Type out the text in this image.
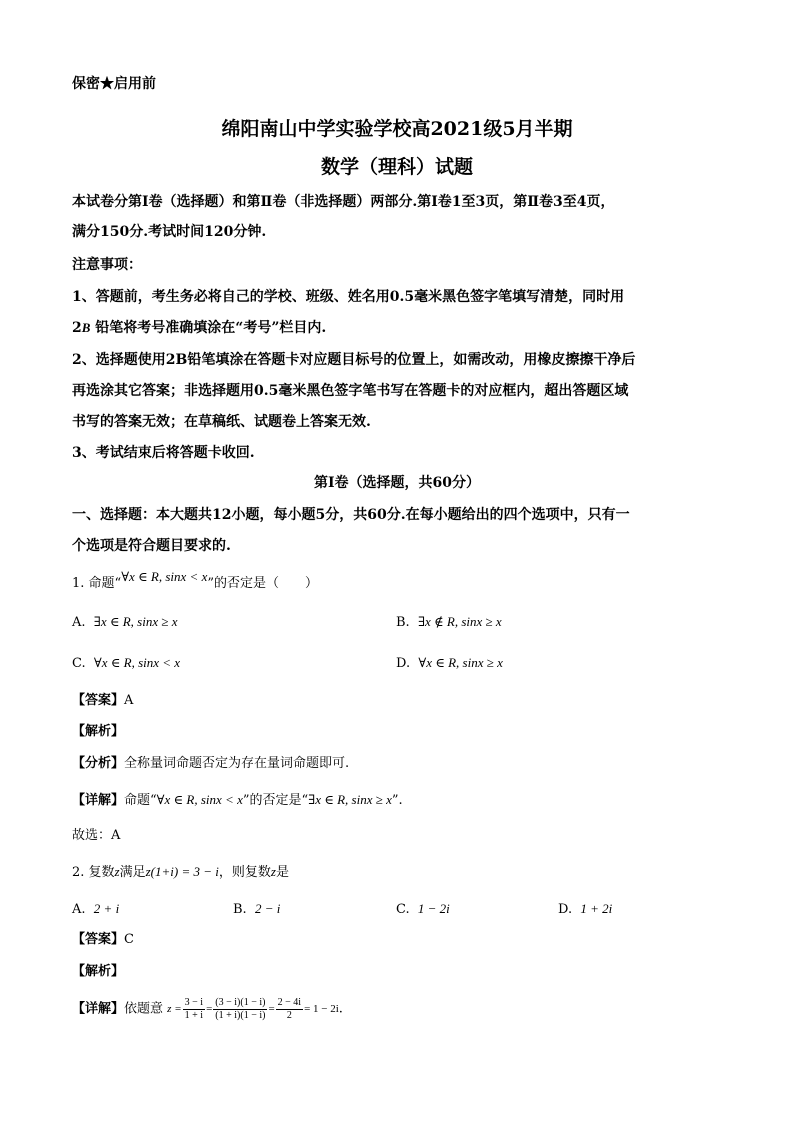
保密★启用前
绵阳南山中学实验学校高2021级5月半期
数学（理科）试题
本试卷分第Ⅰ卷（选择题）和第Ⅱ卷（非选择题）两部分.第Ⅰ卷1至3页，第Ⅱ卷3至4页，
满分150分.考试时间120分钟.
注意事项：
1、答题前，考生务必将自己的学校、班级、姓名用0.5毫米黑色签字笔填写清楚，同时用
2B 铅笔将考号准确填涂在“考号”栏目内.
2、选择题使用2B铅笔填涂在答题卡对应题目标号的位置上，如需改动，用橡皮擦擦干净后
再选涂其它答案；非选择题用0.5毫米黑色签字笔书写在答题卡的对应框内，超出答题区域
书写的答案无效；在草稿纸、试题卷上答案无效.
3、考试结束后将答题卡收回.
第Ⅰ卷（选择题，共60分）
一、选择题：本大题共12小题，每小题5分，共60分.在每小题给出的四个选项中，只有一
个选项是符合题目要求的.
1. 命题“∀x ∈ R, sinx < x”的否定是（　　）
A. ∃x ∈ R, sinx ≥ x	B. ∃x ∉ R, sinx ≥ x
C. ∀x ∈ R, sinx < x	D. ∀x ∈ R, sinx ≥ x
【答案】A
【解析】
【分析】全称量词命题否定为存在量词命题即可.
【详解】命题“∀x ∈ R, sinx < x”的否定是“∃x ∈ R, sinx ≥ x”.
故选：A
2. 复数z满足z(1+i) = 3 − i，则复数z是
A. 2 + i	B. 2 − i	C. 1 − 2i	D. 1 + 2i
【答案】C
【解析】
【详解】依题意 $z = \frac{3 - i}{1 + i} = \frac{(3 - i)(1 - i)}{(1 + i)(1 - i)} = \frac{2 - 4i}{2} = 1 - 2i$.
